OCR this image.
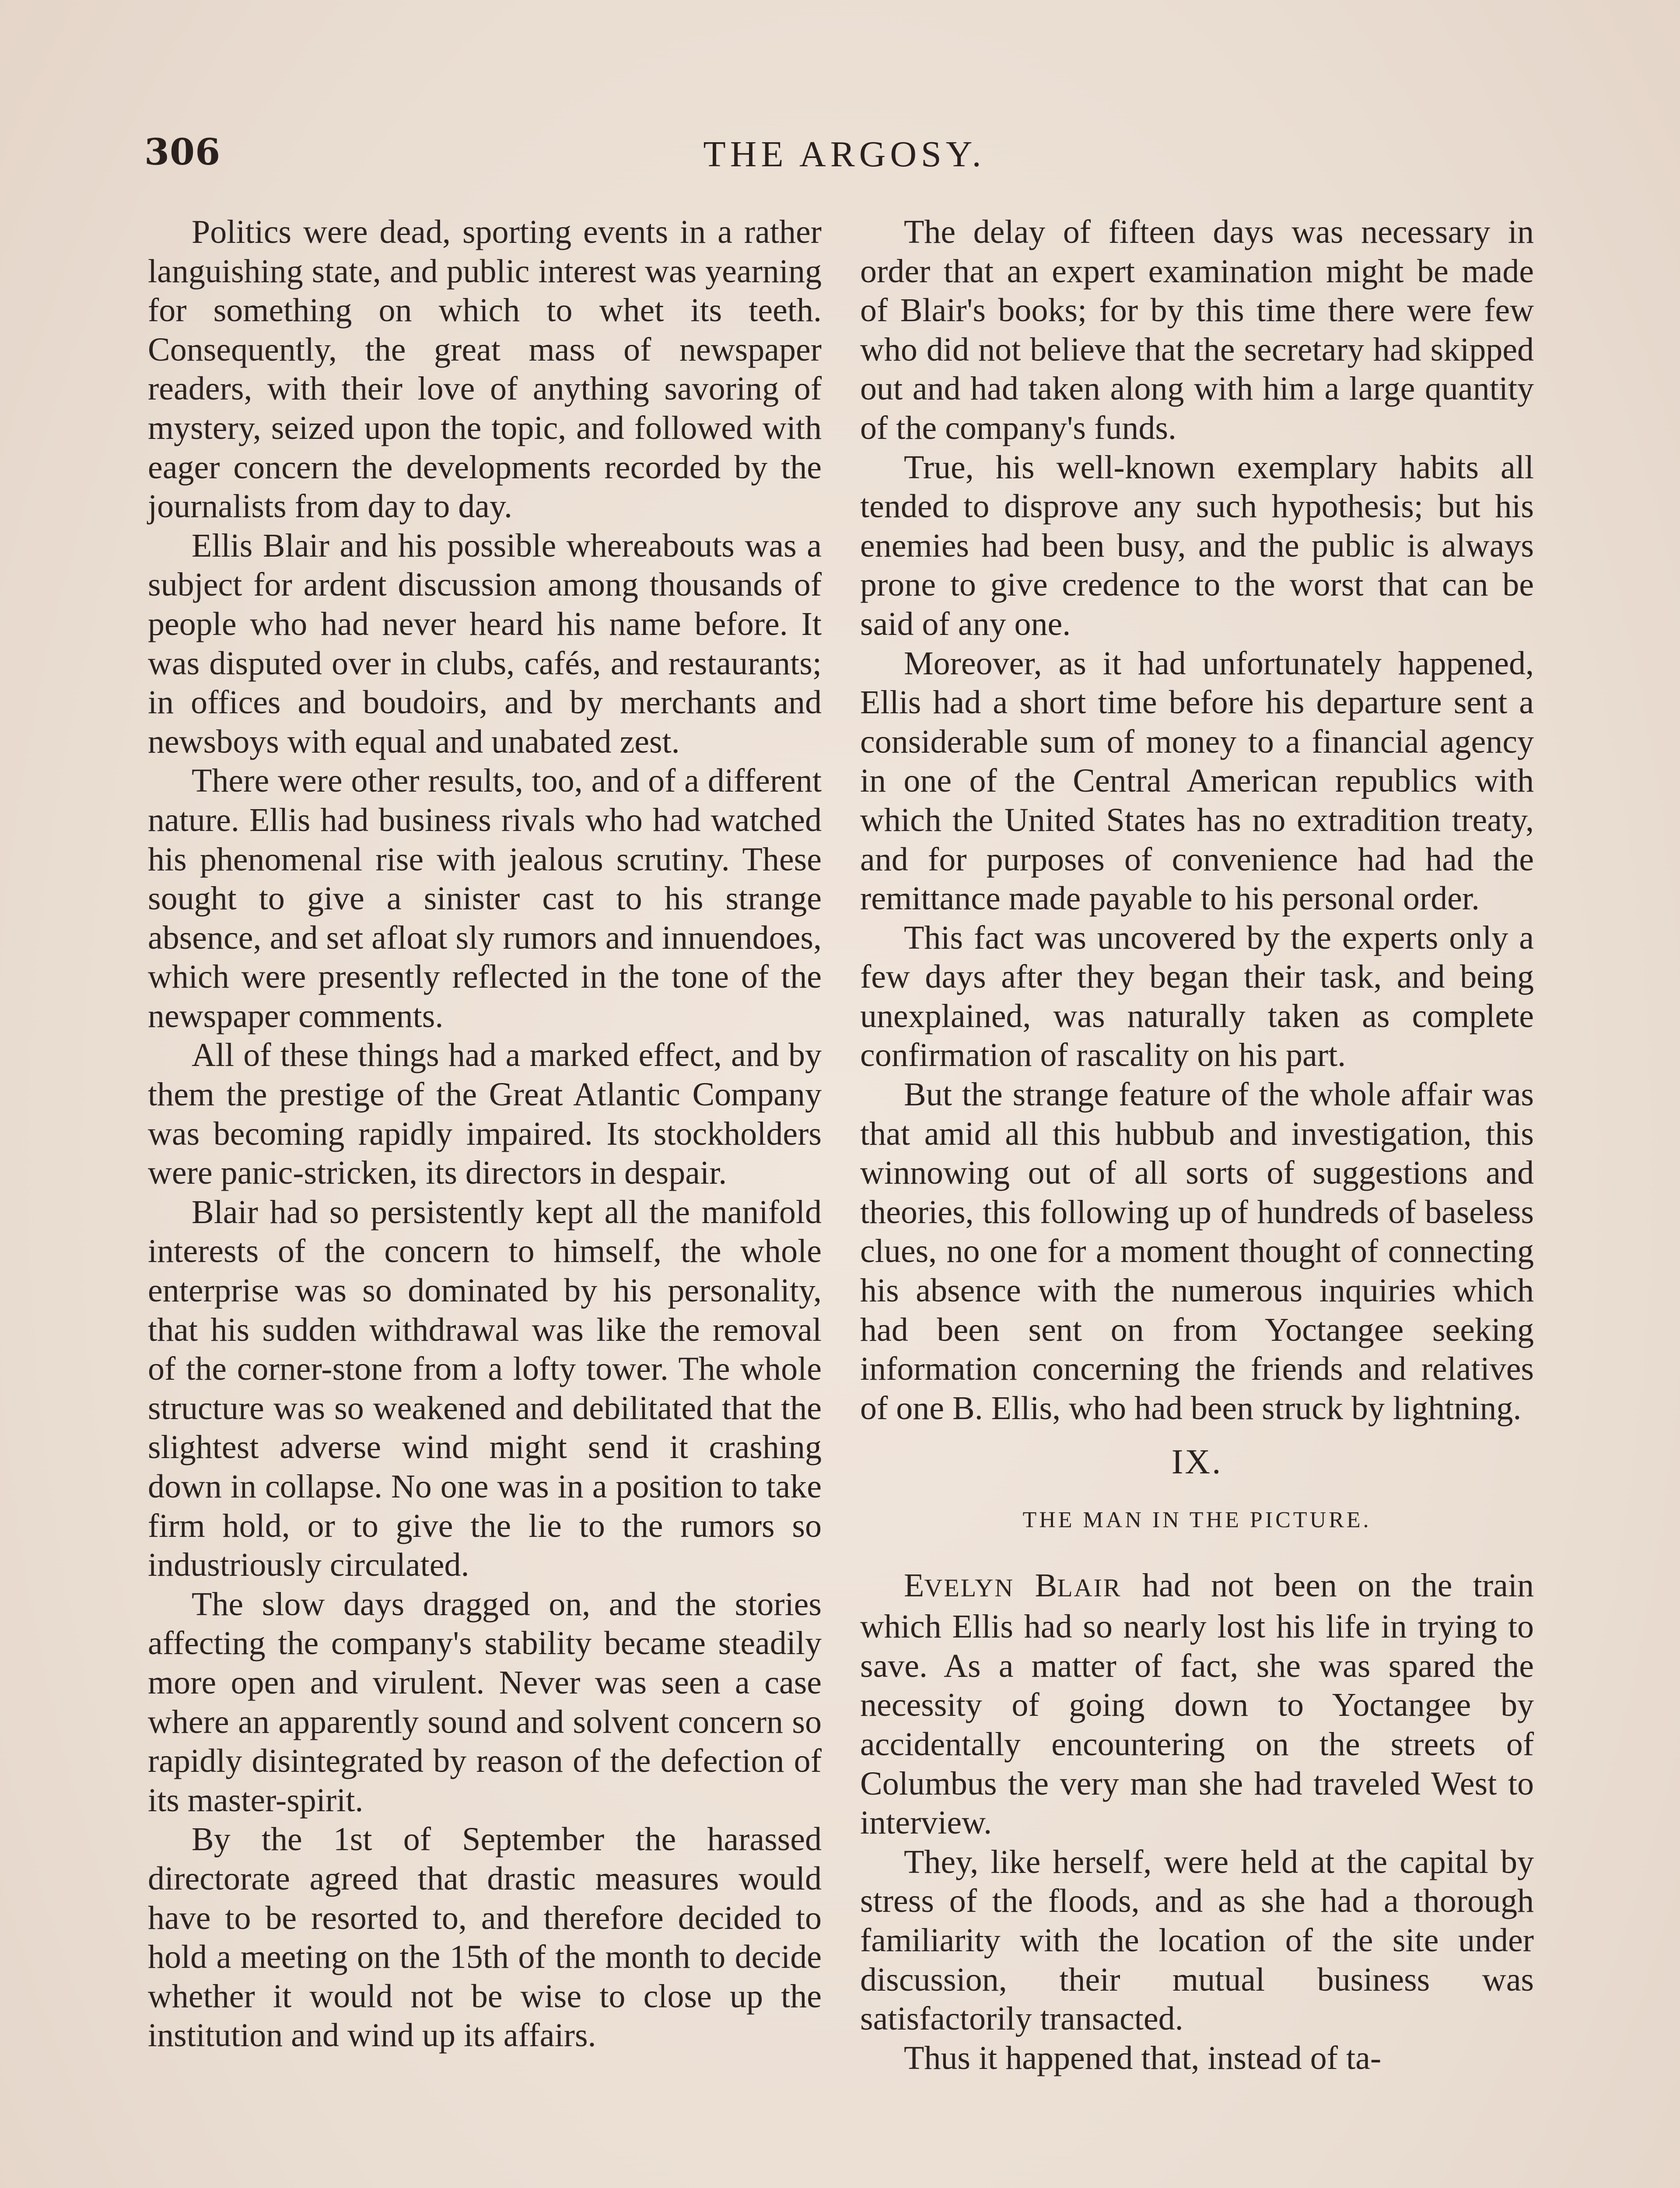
306	THE ARGOSY.

Politics were dead, sporting events in a rather languishing state, and public interest was yearning for something on which to whet its teeth. Consequently, the great mass of newspaper readers, with their love of anything savoring of mystery, seized upon the topic, and followed with eager concern the developments recorded by the journalists from day to day.

Ellis Blair and his possible whereabouts was a subject for ardent discussion among thousands of people who had never heard his name before. It was disputed over in clubs, cafés, and restaurants; in offices and boudoirs, and by merchants and newsboys with equal and unabated zest.

There were other results, too, and of a different nature. Ellis had business rivals who had watched his phenomenal rise with jealous scrutiny. These sought to give a sinister cast to his strange absence, and set afloat sly rumors and innuendoes, which were presently reflected in the tone of the newspaper comments.

All of these things had a marked effect, and by them the prestige of the Great Atlantic Company was becoming rapidly impaired. Its stockholders were panic-stricken, its directors in despair.

Blair had so persistently kept all the manifold interests of the concern to himself, the whole enterprise was so dominated by his personality, that his sudden withdrawal was like the removal of the corner-stone from a lofty tower. The whole structure was so weakened and debilitated that the slightest adverse wind might send it crashing down in collapse. No one was in a position to take firm hold, or to give the lie to the rumors so industriously circulated.

The slow days dragged on, and the stories affecting the company's stability became steadily more open and virulent. Never was seen a case where an apparently sound and solvent concern so rapidly disintegrated by reason of the defection of its master-spirit.

By the 1st of September the harassed directorate agreed that drastic measures would have to be resorted to, and therefore decided to hold a meeting on the 15th of the month to decide whether it would not be wise to close up the institution and wind up its affairs.

The delay of fifteen days was necessary in order that an expert examination might be made of Blair's books; for by this time there were few who did not believe that the secretary had skipped out and had taken along with him a large quantity of the company's funds.

True, his well-known exemplary habits all tended to disprove any such hypothesis; but his enemies had been busy, and the public is always prone to give credence to the worst that can be said of any one.

Moreover, as it had unfortunately happened, Ellis had a short time before his departure sent a considerable sum of money to a financial agency in one of the Central American republics with which the United States has no extradition treaty, and for purposes of convenience had had the remittance made payable to his personal order.

This fact was uncovered by the experts only a few days after they began their task, and being unexplained, was naturally taken as complete confirmation of rascality on his part.

But the strange feature of the whole affair was that amid all this hubbub and investigation, this winnowing out of all sorts of suggestions and theories, this following up of hundreds of baseless clues, no one for a moment thought of connecting his absence with the numerous inquiries which had been sent on from Yoctangee seeking information concerning the friends and relatives of one B. Ellis, who had been struck by lightning.

IX.
THE MAN IN THE PICTURE.

EVELYN BLAIR had not been on the train which Ellis had so nearly lost his life in trying to save. As a matter of fact, she was spared the necessity of going down to Yoctangee by accidentally encountering on the streets of Columbus the very man she had traveled West to interview.

They, like herself, were held at the capital by stress of the floods, and as she had a thorough familiarity with the location of the site under discussion, their mutual business was satisfactorily transacted.

Thus it happened that, instead of ta-
